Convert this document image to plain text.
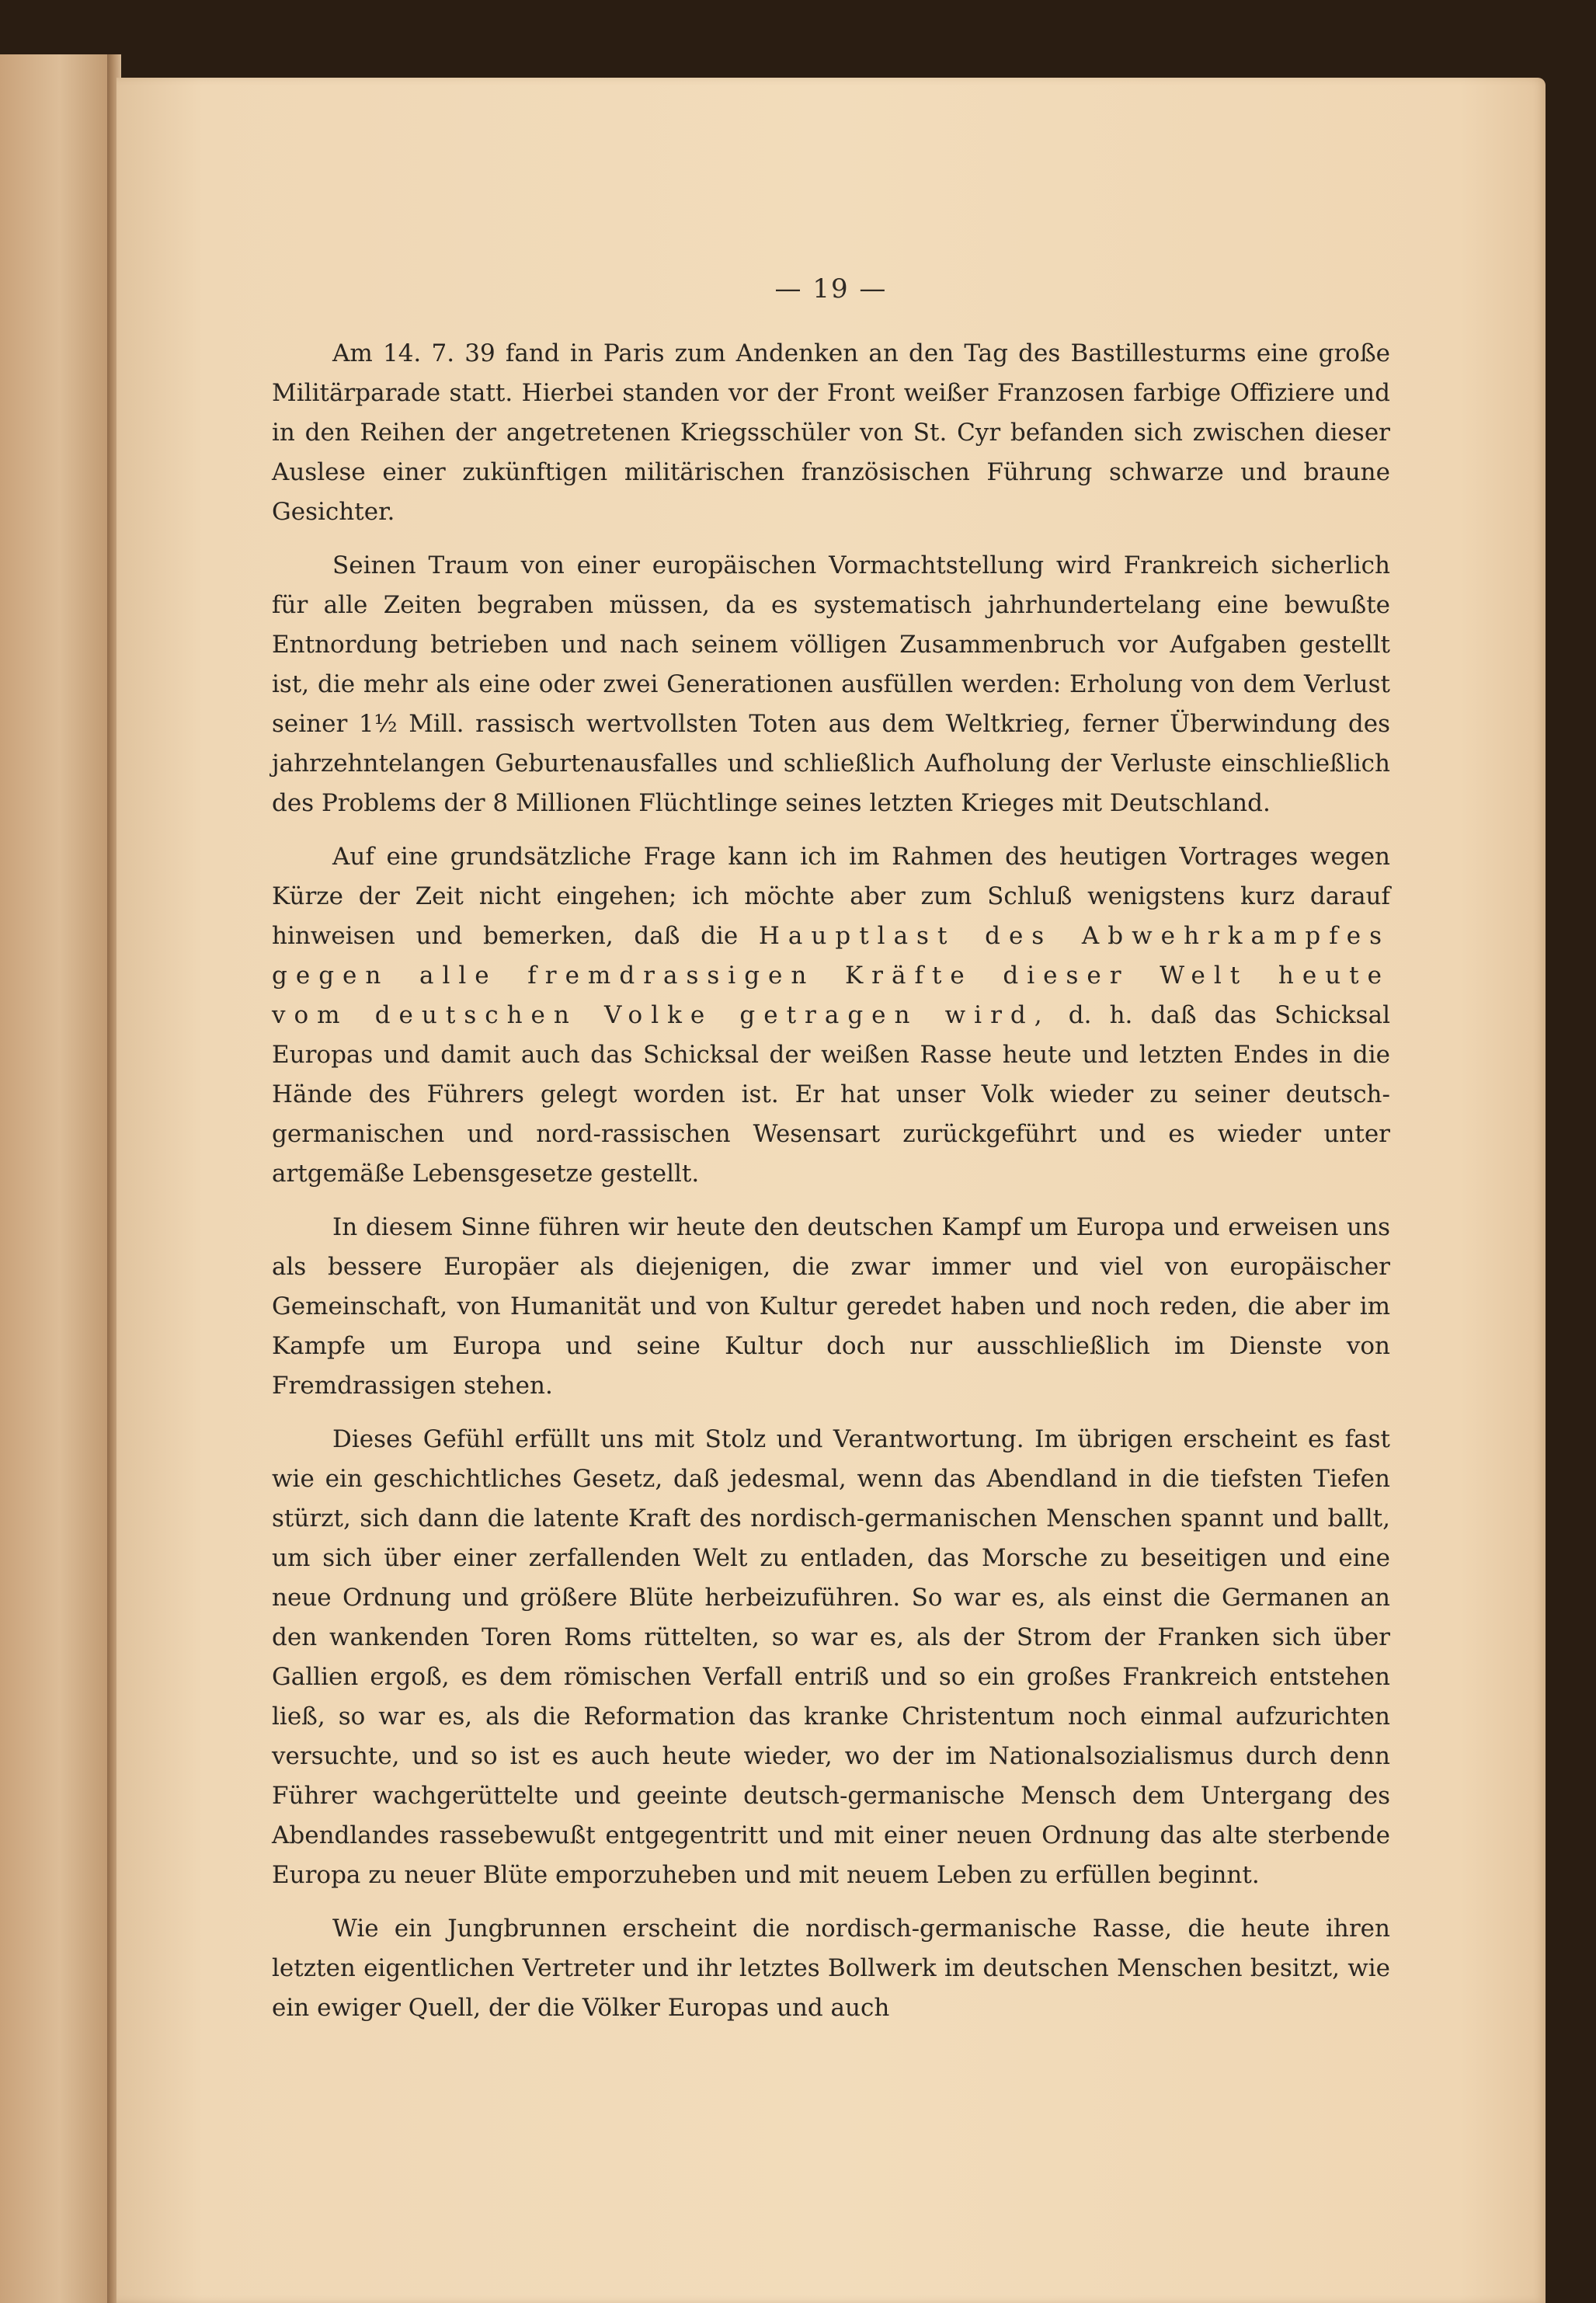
— 19 —

Am 14. 7. 39 fand in Paris zum Andenken an den Tag des Bastillesturms eine große Militärparade statt. Hierbei standen vor der Front weißer Franzosen farbige Offiziere und in den Reihen der angetretenen Kriegsschüler von St. Cyr befanden sich zwischen dieser Auslese einer zukünftigen militärischen französischen Führung schwarze und braune Gesichter.

Seinen Traum von einer europäischen Vormachtstellung wird Frankreich sicherlich für alle Zeiten begraben müssen, da es systematisch jahrhundertelang eine bewußte Entnordung betrieben und nach seinem völligen Zusammenbruch vor Aufgaben gestellt ist, die mehr als eine oder zwei Generationen ausfüllen werden: Erholung von dem Verlust seiner 1½ Mill. rassisch wertvollsten Toten aus dem Weltkrieg, ferner Überwindung des jahrzehntelangen Geburtenausfalles und schließlich Aufholung der Verluste einschließlich des Problems der 8 Millionen Flüchtlinge seines letzten Krieges mit Deutschland.

Auf eine grundsätzliche Frage kann ich im Rahmen des heutigen Vortrages wegen Kürze der Zeit nicht eingehen; ich möchte aber zum Schluß wenigstens kurz darauf hinweisen und bemerken, daß die Hauptlast des Abwehrkampfes gegen alle fremdrassigen Kräfte dieser Welt heute vom deutschen Volke getragen wird, d. h. daß das Schicksal Europas und damit auch das Schicksal der weißen Rasse heute und letzten Endes in die Hände des Führers gelegt worden ist. Er hat unser Volk wieder zu seiner deutsch-germanischen und nord-rassischen Wesensart zurückgeführt und es wieder unter artgemäße Lebensgesetze gestellt.

In diesem Sinne führen wir heute den deutschen Kampf um Europa und erweisen uns als bessere Europäer als diejenigen, die zwar immer und viel von europäischer Gemeinschaft, von Humanität und von Kultur geredet haben und noch reden, die aber im Kampfe um Europa und seine Kultur doch nur ausschließlich im Dienste von Fremdrassigen stehen.

Dieses Gefühl erfüllt uns mit Stolz und Verantwortung. Im übrigen erscheint es fast wie ein geschichtliches Gesetz, daß jedesmal, wenn das Abendland in die tiefsten Tiefen stürzt, sich dann die latente Kraft des nordisch-germanischen Menschen spannt und ballt, um sich über einer zerfallenden Welt zu entladen, das Morsche zu beseitigen und eine neue Ordnung und größere Blüte herbeizuführen. So war es, als einst die Germanen an den wankenden Toren Roms rüttelten, so war es, als der Strom der Franken sich über Gallien ergoß, es dem römischen Verfall entriß und so ein großes Frankreich entstehen ließ, so war es, als die Reformation das kranke Christentum noch einmal aufzurichten versuchte, und so ist es auch heute wieder, wo der im Nationalsozialismus durch denn Führer wachgerüttelte und geeinte deutsch-germanische Mensch dem Untergang des Abendlandes rassebewußt entgegentritt und mit einer neuen Ordnung das alte sterbende Europa zu neuer Blüte emporzuheben und mit neuem Leben zu erfüllen beginnt.

Wie ein Jungbrunnen erscheint die nordisch-germanische Rasse, die heute ihren letzten eigentlichen Vertreter und ihr letztes Bollwerk im deutschen Menschen besitzt, wie ein ewiger Quell, der die Völker Europas und auch
